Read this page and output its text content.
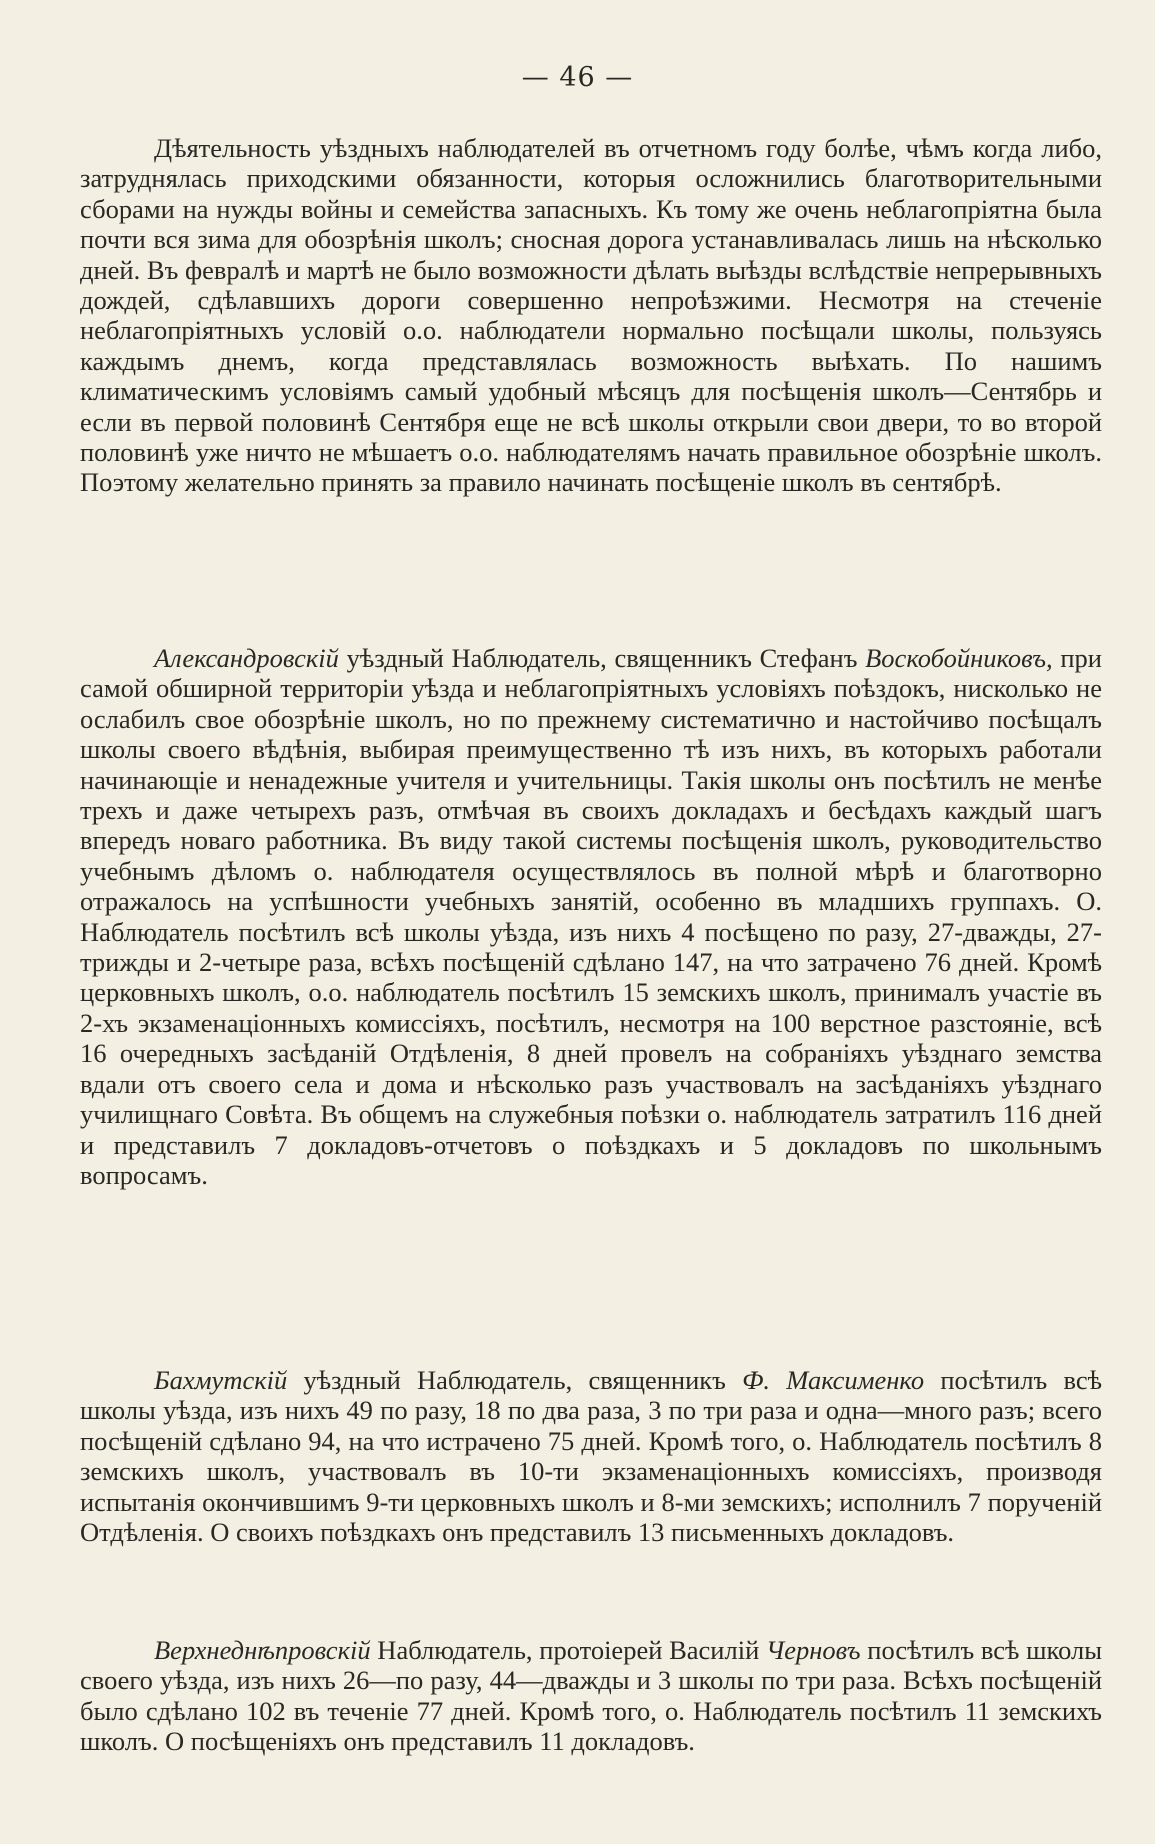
— 46 —

Дѣятельность уѣздныхъ наблюдателей въ отчетномъ году болѣе, чѣмъ когда либо, затруднялась приходскими обязанности, которыя осложнились благотворительными сборами на нужды войны и семейства запасныхъ. Къ тому же очень неблагопріятна была почти вся зима для обозрѣнія школъ; сносная дорога устанавливалась лишь на нѣсколько дней. Въ февралѣ и мартѣ не было возможности дѣлать выѣзды вслѣдствіе непрерывныхъ дождей, сдѣлавшихъ дороги совершенно непроѣзжими. Несмотря на стеченіе неблагопріятныхъ условій о.о. наблюдатели нормально посѣщали школы, пользуясь каждымъ днемъ, когда представлялась возможность выѣхать. По нашимъ климатическимъ условіямъ самый удобный мѣсяцъ для посѣщенія школъ—Сентябрь и если въ первой половинѣ Сентября еще не всѣ школы открыли свои двери, то во второй половинѣ уже ничто не мѣшаетъ о.о. наблюдателямъ начать правильное обозрѣніе школъ. Поэтому желательно принять за правило начинать посѣщеніе школъ въ сентябрѣ.

Александровскій уѣздный Наблюдатель, священникъ Стефанъ Воскобойниковъ, при самой обширной территоріи уѣзда и неблагопріятныхъ условіяхъ поѣздокъ, нисколько не ослабилъ свое обозрѣніе школъ, но по прежнему систематично и настойчиво посѣщалъ школы своего вѣдѣнія, выбирая преимущественно тѣ изъ нихъ, въ которыхъ работали начинающіе и ненадежные учителя и учительницы. Такія школы онъ посѣтилъ не менѣе трехъ и даже четырехъ разъ, отмѣчая въ своихъ докладахъ и бесѣдахъ каждый шагъ впередъ новаго работника. Въ виду такой системы посѣщенія школъ, руководительство учебнымъ дѣломъ о. наблюдателя осуществлялось въ полной мѣрѣ и благотворно отражалось на успѣшности учебныхъ занятій, особенно въ младшихъ группахъ. О. Наблюдатель посѣтилъ всѣ школы уѣзда, изъ нихъ 4 посѣщено по разу, 27-дважды, 27-трижды и 2-четыре раза, всѣхъ посѣщеній сдѣлано 147, на что затрачено 76 дней. Кромѣ церковныхъ школъ, о.о. наблюдатель посѣтилъ 15 земскихъ школъ, принималъ участіе въ 2-хъ экзаменаціонныхъ комиссіяхъ, посѣтилъ, несмотря на 100 верстное разстояніе, всѣ 16 очередныхъ засѣданій Отдѣленія, 8 дней провелъ на собраніяхъ уѣзднаго земства вдали отъ своего села и дома и нѣсколько разъ участвовалъ на засѣданіяхъ уѣзднаго училищнаго Совѣта. Въ общемъ на служебныя поѣзки о. наблюдатель затратилъ 116 дней и представилъ 7 докладовъ-отчетовъ о поѣздкахъ и 5 докладовъ по школьнымъ вопросамъ.

Бахмутскій уѣздный Наблюдатель, священникъ Ф. Максименко посѣтилъ всѣ школы уѣзда, изъ нихъ 49 по разу, 18 по два раза, 3 по три раза и одна—много разъ; всего посѣщеній сдѣлано 94, на что истрачено 75 дней. Кромѣ того, о. Наблюдатель посѣтилъ 8 земскихъ школъ, участвовалъ въ 10-ти экзаменаціонныхъ комиссіяхъ, производя испытанія окончившимъ 9-ти церковныхъ школъ и 8-ми земскихъ; исполнилъ 7 порученій Отдѣленія. О своихъ поѣздкахъ онъ представилъ 13 письменныхъ докладовъ.

Верхнеднѣпровскій Наблюдатель, протоіерей Василій Черновъ посѣтилъ всѣ школы своего уѣзда, изъ нихъ 26—по разу, 44—дважды и 3 школы по три раза. Всѣхъ посѣщеній было сдѣлано 102 въ теченіе 77 дней. Кромѣ того, о. Наблюдатель посѣтилъ 11 земскихъ школъ. О посѣщеніяхъ онъ представилъ 11 докладовъ.
